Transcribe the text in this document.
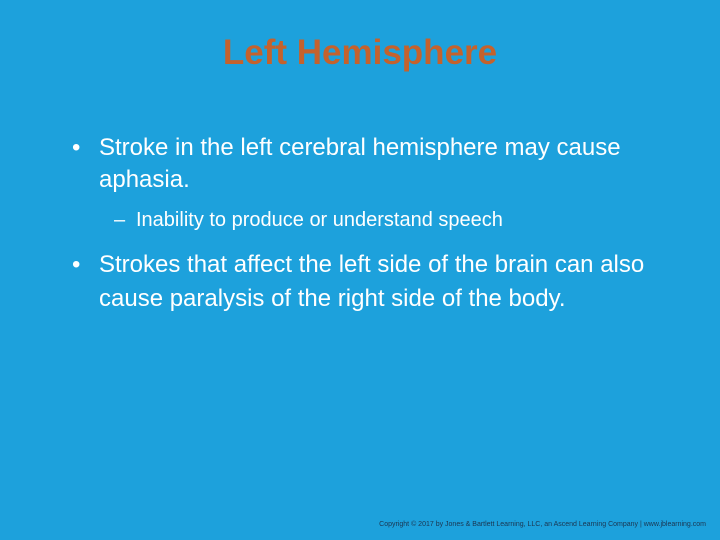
Left Hemisphere
• Stroke in the left cerebral hemisphere may cause aphasia.
– Inability to produce or understand speech
• Strokes that affect the left side of the brain can also cause paralysis of the right side of the body.
Copyright © 2017 by Jones & Bartlett Learning, LLC, an Ascend Learning Company | www.jblearning.com
